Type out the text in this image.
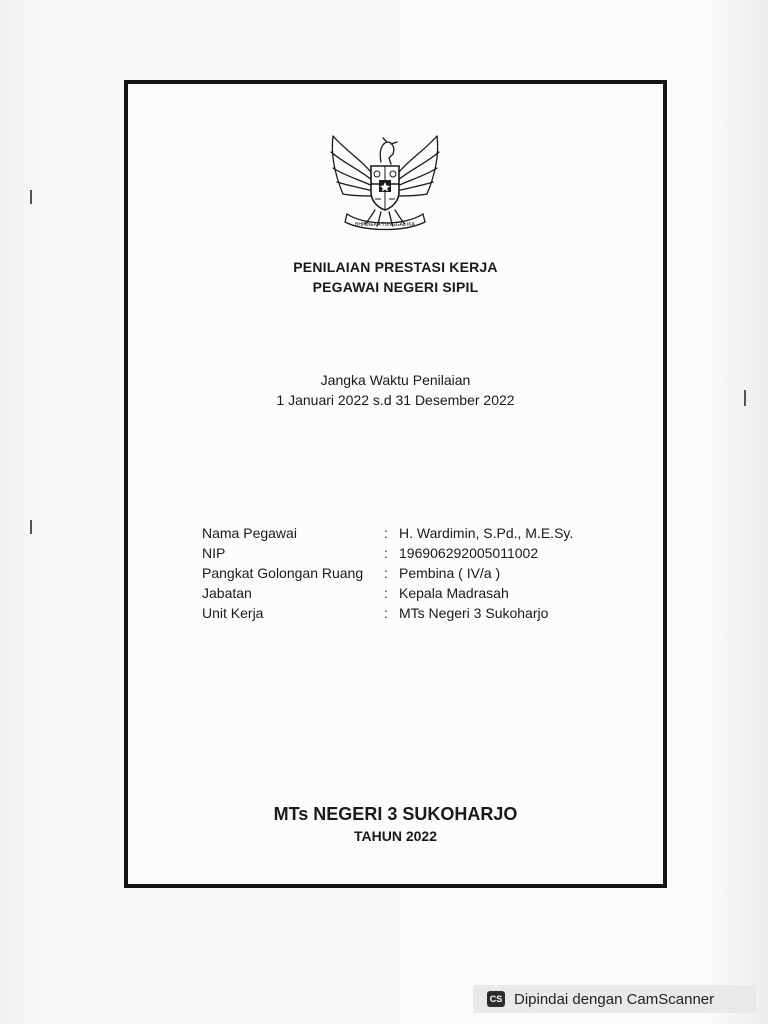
BHINNEKA TUNGGAL IKA
PENILAIAN PRESTASI KERJA
PEGAWAI NEGERI SIPIL
Jangka Waktu Penilaian
1 Januari 2022 s.d 31 Desember 2022
Nama Pegawai	: H. Wardimin, S.Pd., M.E.Sy.
NIP	: 196906292005011002
Pangkat Golongan Ruang	: Pembina ( IV/a )
Jabatan	: Kepala Madrasah
Unit Kerja	: MTs Negeri 3 Sukoharjo
MTs NEGERI 3 SUKOHARJO
TAHUN 2022
CS Dipindai dengan CamScanner
